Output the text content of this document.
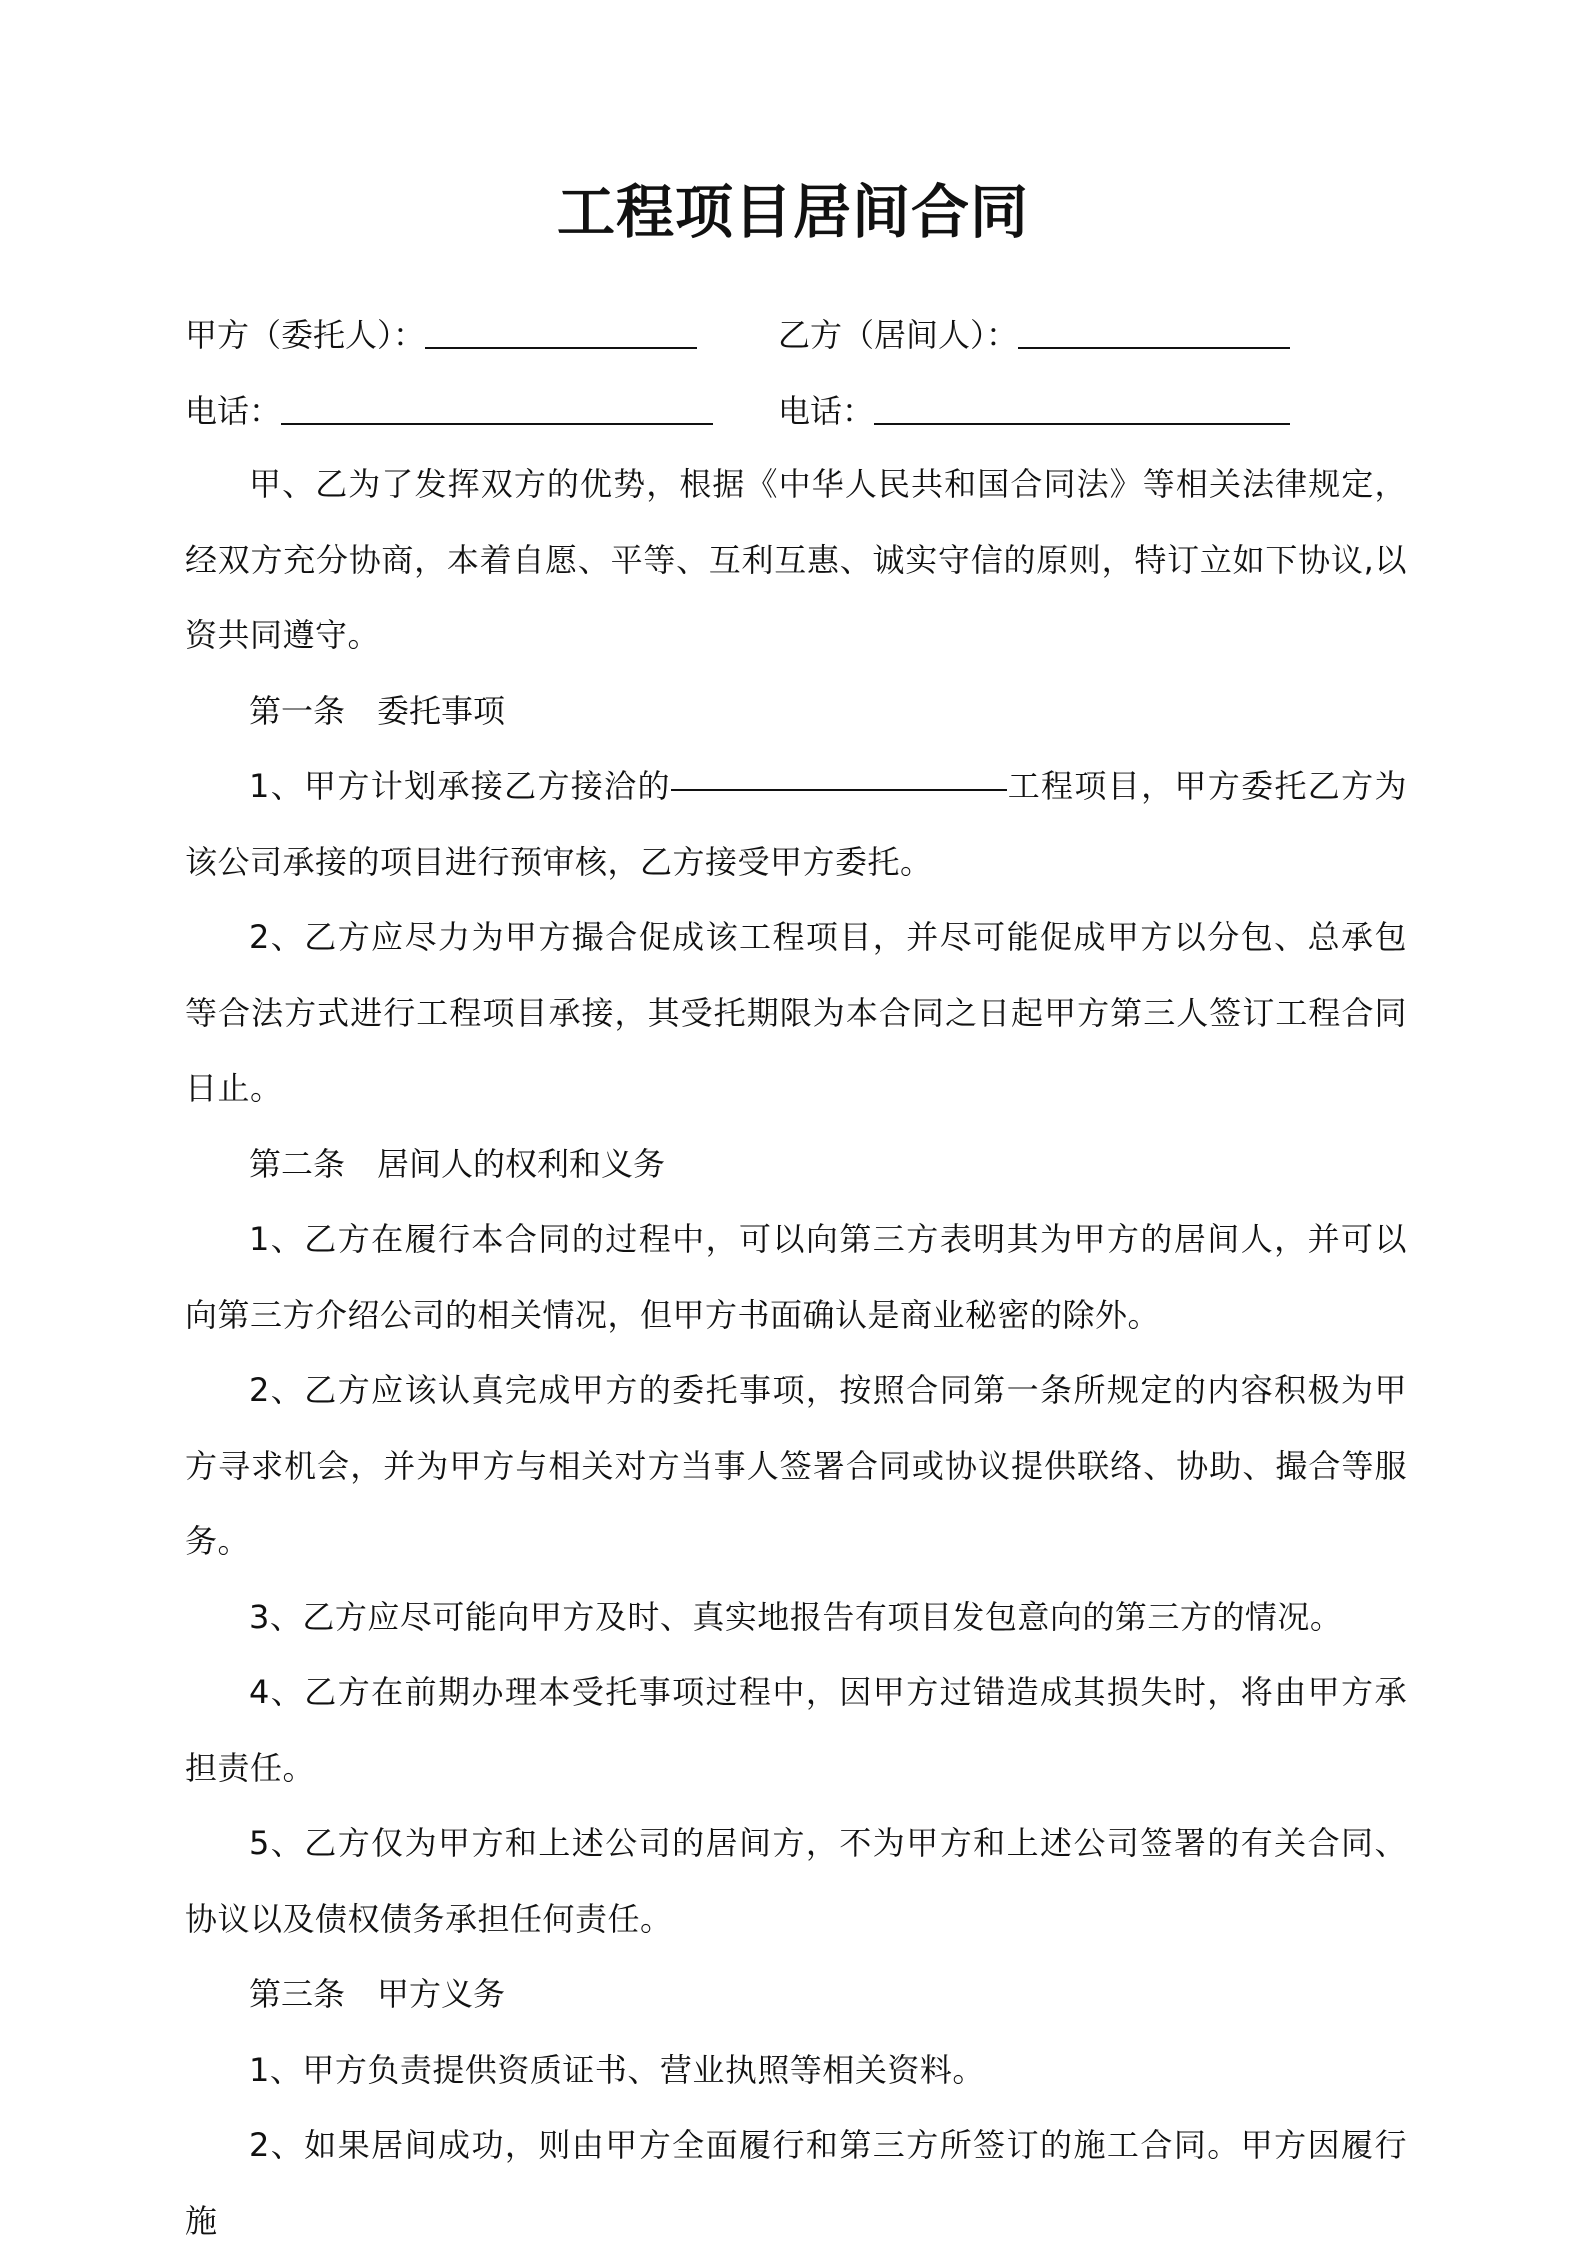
工程项目居间合同
甲方（委托人）：	乙方（居间人）：
电话：	电话：

甲、乙为了发挥双方的优势，根据《中华人民共和国合同法》等相关法律规定，经双方充分协商，本着自愿、平等、互利互惠、诚实守信的原则，特订立如下协议,以资共同遵守。

第一条　委托事项

1、甲方计划承接乙方接洽的	工程项目，甲方委托乙方为该公司承接的项目进行预审核，乙方接受甲方委托。

2、乙方应尽力为甲方撮合促成该工程项目，并尽可能促成甲方以分包、总承包等合法方式进行工程项目承接，其受托期限为本合同之日起甲方第三人签订工程合同日止。

第二条　居间人的权利和义务

1、乙方在履行本合同的过程中，可以向第三方表明其为甲方的居间人，并可以向第三方介绍公司的相关情况，但甲方书面确认是商业秘密的除外。

2、乙方应该认真完成甲方的委托事项，按照合同第一条所规定的内容积极为甲方寻求机会，并为甲方与相关对方当事人签署合同或协议提供联络、协助、撮合等服务。

3、乙方应尽可能向甲方及时、真实地报告有项目发包意向的第三方的情况。

4、乙方在前期办理本受托事项过程中，因甲方过错造成其损失时，将由甲方承担责任。

5、乙方仅为甲方和上述公司的居间方，不为甲方和上述公司签署的有关合同、协议以及债权债务承担任何责任。

第三条　甲方义务

1、甲方负责提供资质证书、营业执照等相关资料。

2、如果居间成功，则由甲方全面履行和第三方所签订的施工合同。甲方因履行施
